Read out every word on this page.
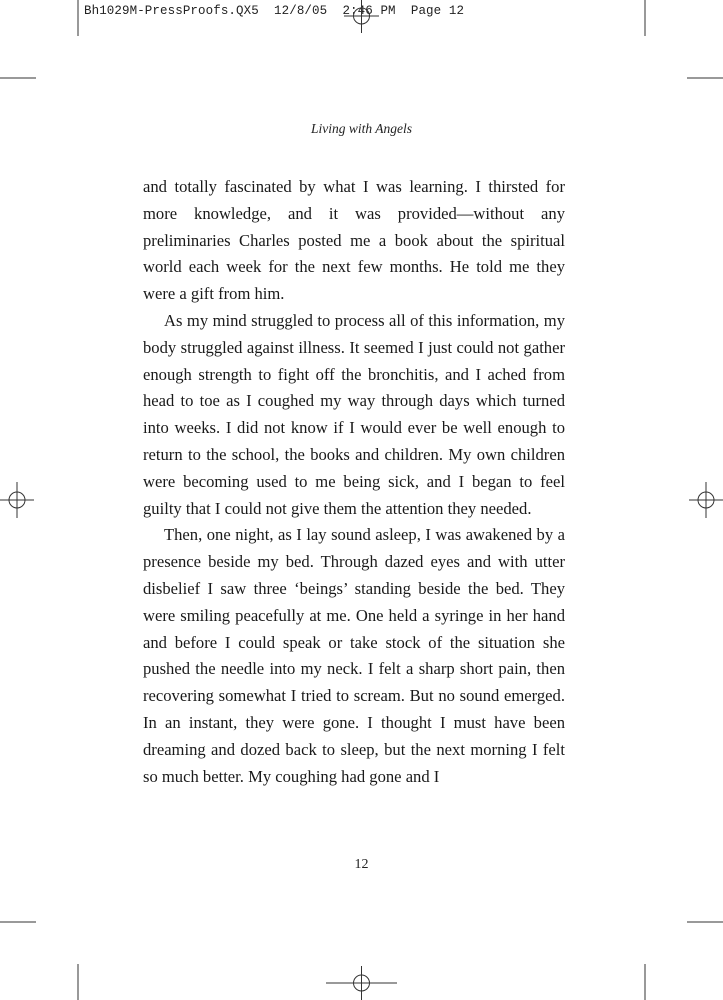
Bh1029M-PressProofs.QX5  12/8/05  2:46 PM  Page 12
Living with Angels

and totally fascinated by what I was learning. I thirsted for more knowledge, and it was provided—without any preliminaries Charles posted me a book about the spiritual world each week for the next few months. He told me they were a gift from him.

As my mind struggled to process all of this information, my body struggled against illness. It seemed I just could not gather enough strength to fight off the bronchitis, and I ached from head to toe as I coughed my way through days which turned into weeks. I did not know if I would ever be well enough to return to the school, the books and children. My own children were becoming used to me being sick, and I began to feel guilty that I could not give them the attention they needed.

Then, one night, as I lay sound asleep, I was awakened by a presence beside my bed. Through dazed eyes and with utter disbelief I saw three ‘beings’ standing beside the bed. They were smiling peacefully at me. One held a syringe in her hand and before I could speak or take stock of the situation she pushed the needle into my neck. I felt a sharp short pain, then recovering somewhat I tried to scream. But no sound emerged. In an instant, they were gone. I thought I must have been dreaming and dozed back to sleep, but the next morning I felt so much better. My coughing had gone and I

12
